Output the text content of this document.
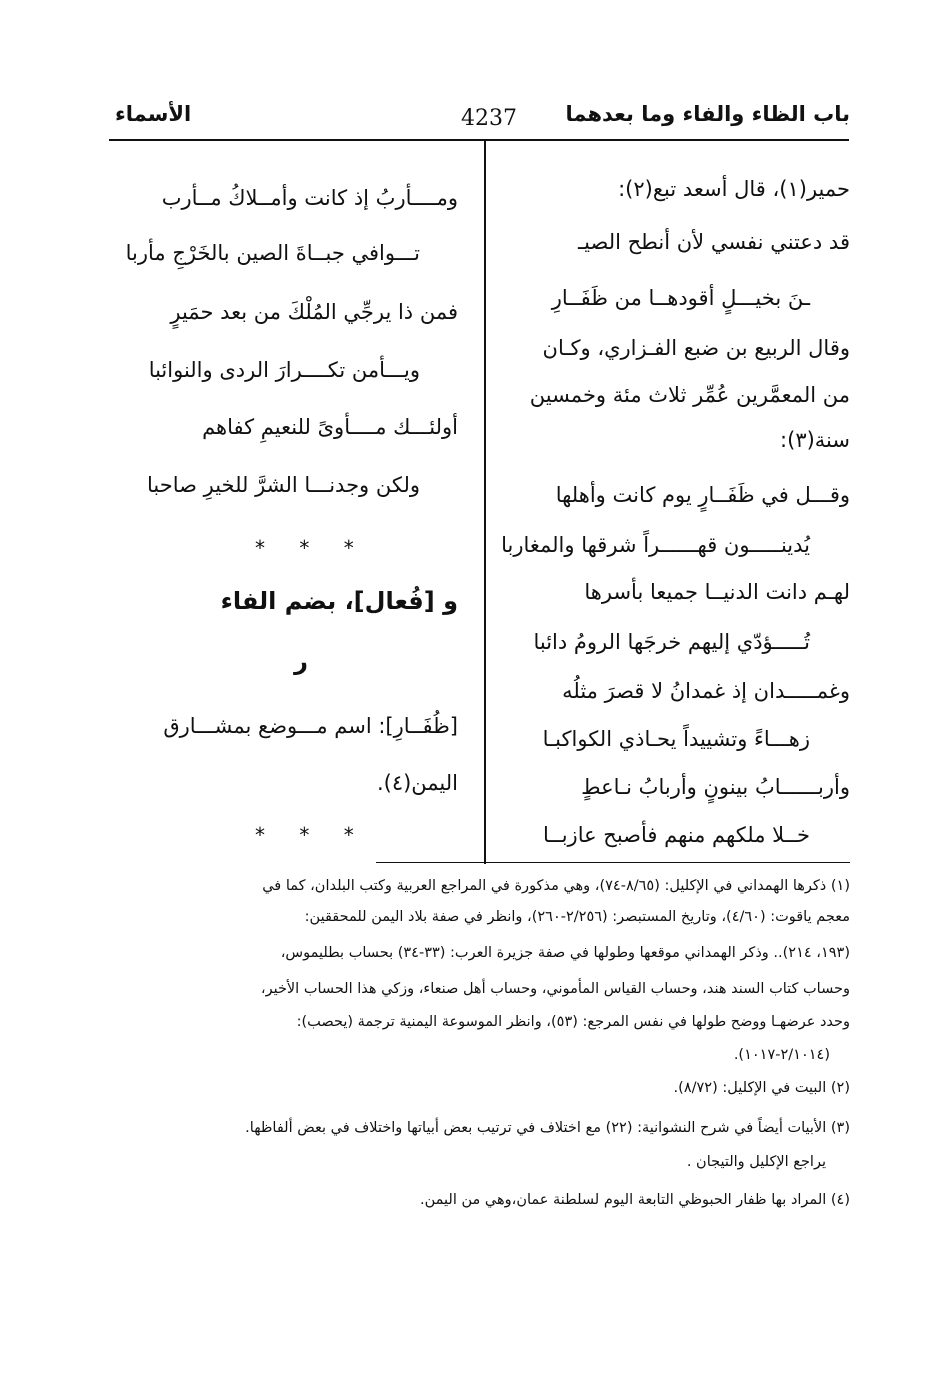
باب الظاء والفاء وما بعدهما
4237
الأسماء
حمير(١)، قال أسعد تبع(٢):
قد دعتني نفسي لأن أنطح الصيـ
ـنَ بخيـــلٍ أقودهــا من ظَفَــارِ
وقال الربيع بن ضبع الفـزاري، وكـان
من المعمَّرين عُمِّر ثلاث مئة وخمسين
سنة(٣):
وقـــل في ظَفَــارٍ يوم كانت وأهلها
يُدينـــــون قهــــــراً شرقها والمغاربا
لهـم دانت الدنيــا جميعا بأسرها
تُـــــؤدّي إليهم خرجَها الرومُ دائبا
وغمـــــدان إذ غمدانُ لا قصرَ مثلُه
زهـــاءً وتشييداً يحـاذي الكواكبـا
وأربــــــابُ بينونٍ وأربابُ نـاعطٍ
خــلا ملكهم منهم فأصبح عازبــا
ومــــأربُ إذ كانت وأمــلاكُ مــأرب
تـــوافي جبــاةَ الصين بالخَرْجِ مأربا
فمن ذا يرجِّي المُلْكَ من بعد حمَيرٍ
ويـــأمن تكــــرارَ الردى والنوائبا
أولئـــك مــــأوىً للنعيمِ كفاهم
ولكن وجدنـــا الشرَّ للخيرِ صاحبا
* * *
و [فُعال]، بضم الفاء
ر
[ظُفَــارِ]: اسم مـــوضع بمشـــارق
اليمن(٤).
* * *
(١) ذكرها الهمداني في الإكليل: (٨/٦٥-٧٤)، وهي مذكورة في المراجع العربية وكتب البلدان، كما في
معجم ياقوت: (٤/٦٠)، وتاريخ المستبصر: (٢/٢٥٦-٢٦٠)، وانظر في صفة بلاد اليمن للمحققين:
(١٩٣، ٢١٤).. وذكر الهمداني موقعها وطولها في صفة جزيرة العرب: (٣٣-٣٤) بحساب بطليموس،
وحساب كتاب السند هند، وحساب القياس المأموني، وحساب أهل صنعاء، وزكي هذا الحساب الأخير،
وحدد عرضهـا ووضح طولها في نفس المرجع: (٥٣)، وانظر الموسوعة اليمنية ترجمة (يحصب):
(٢/١٠١٤-١٠١٧).
(٢) البيت في الإكليل: (٨/٧٢).
(٣) الأبيات أيضاً في شرح النشوانية: (٢٢) مع اختلاف في ترتيب بعض أبياتها واختلاف في بعض ألفاظها.
يراجع الإكليل والتيجان .
(٤) المراد بها ظفار الحبوظي التابعة اليوم لسلطنة عمان،وهي من اليمن.
